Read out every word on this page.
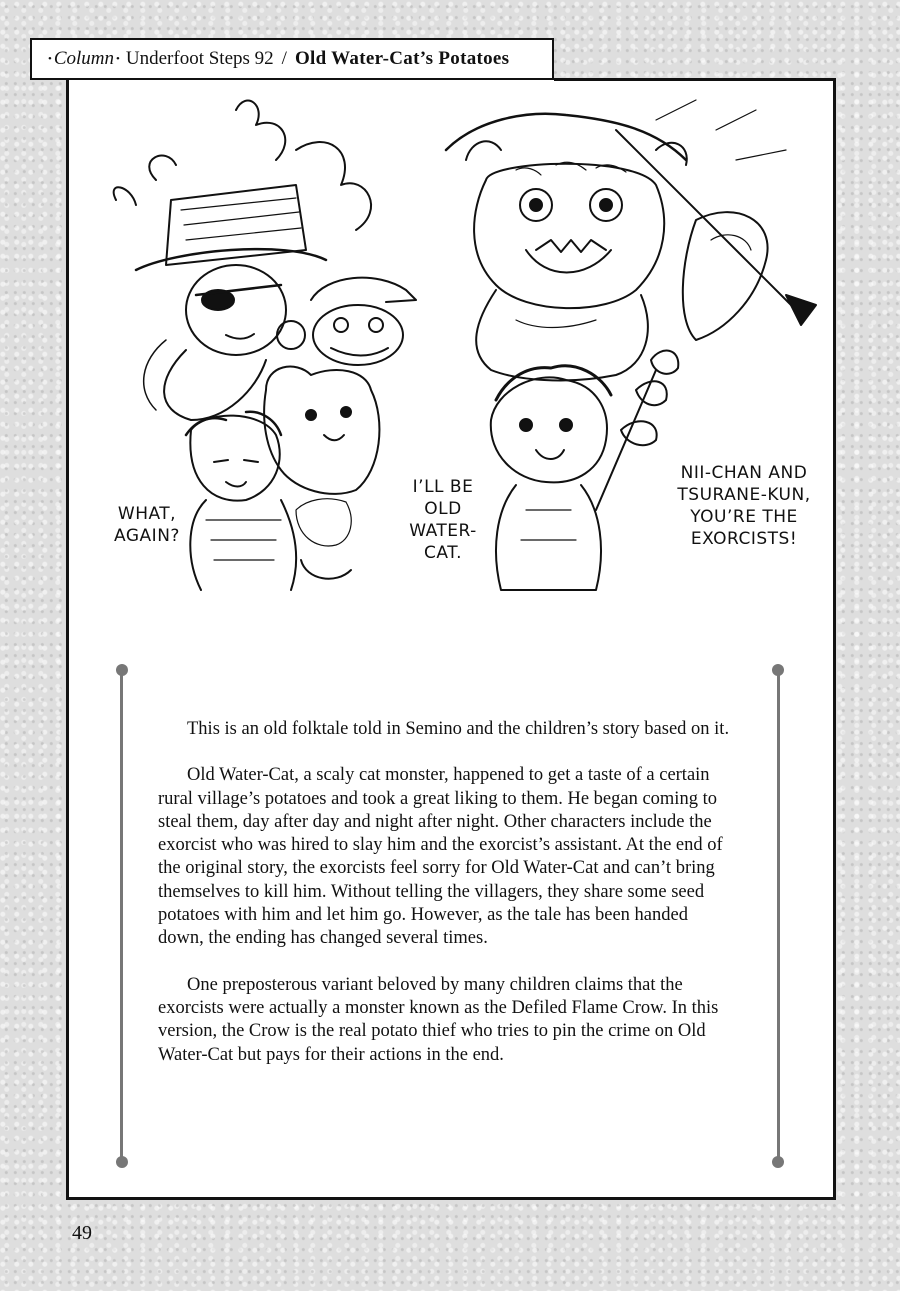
• Column • Underfoot Steps 92 / Old Water-Cat’s Potatoes
WHAT, AGAIN?
I’LL BE OLD WATER-CAT.
NII-CHAN AND TSURANE-KUN, YOU’RE THE EXORCISTS!

This is an old folktale told in Semino and the children’s story based on it.

Old Water-Cat, a scaly cat monster, happened to get a taste of a certain rural village’s potatoes and took a great liking to them. He began coming to steal them, day after day and night after night. Other characters include the exorcist who was hired to slay him and the exorcist’s assistant. At the end of the original story, the exorcists feel sorry for Old Water-Cat and can’t bring themselves to kill him. Without telling the villagers, they share some seed potatoes with him and let him go. However, as the tale has been handed down, the ending has changed several times.

One preposterous variant beloved by many children claims that the exorcists were actually a monster known as the Defiled Flame Crow. In this version, the Crow is the real potato thief who tries to pin the crime on Old Water-Cat but pays for their actions in the end.

49
